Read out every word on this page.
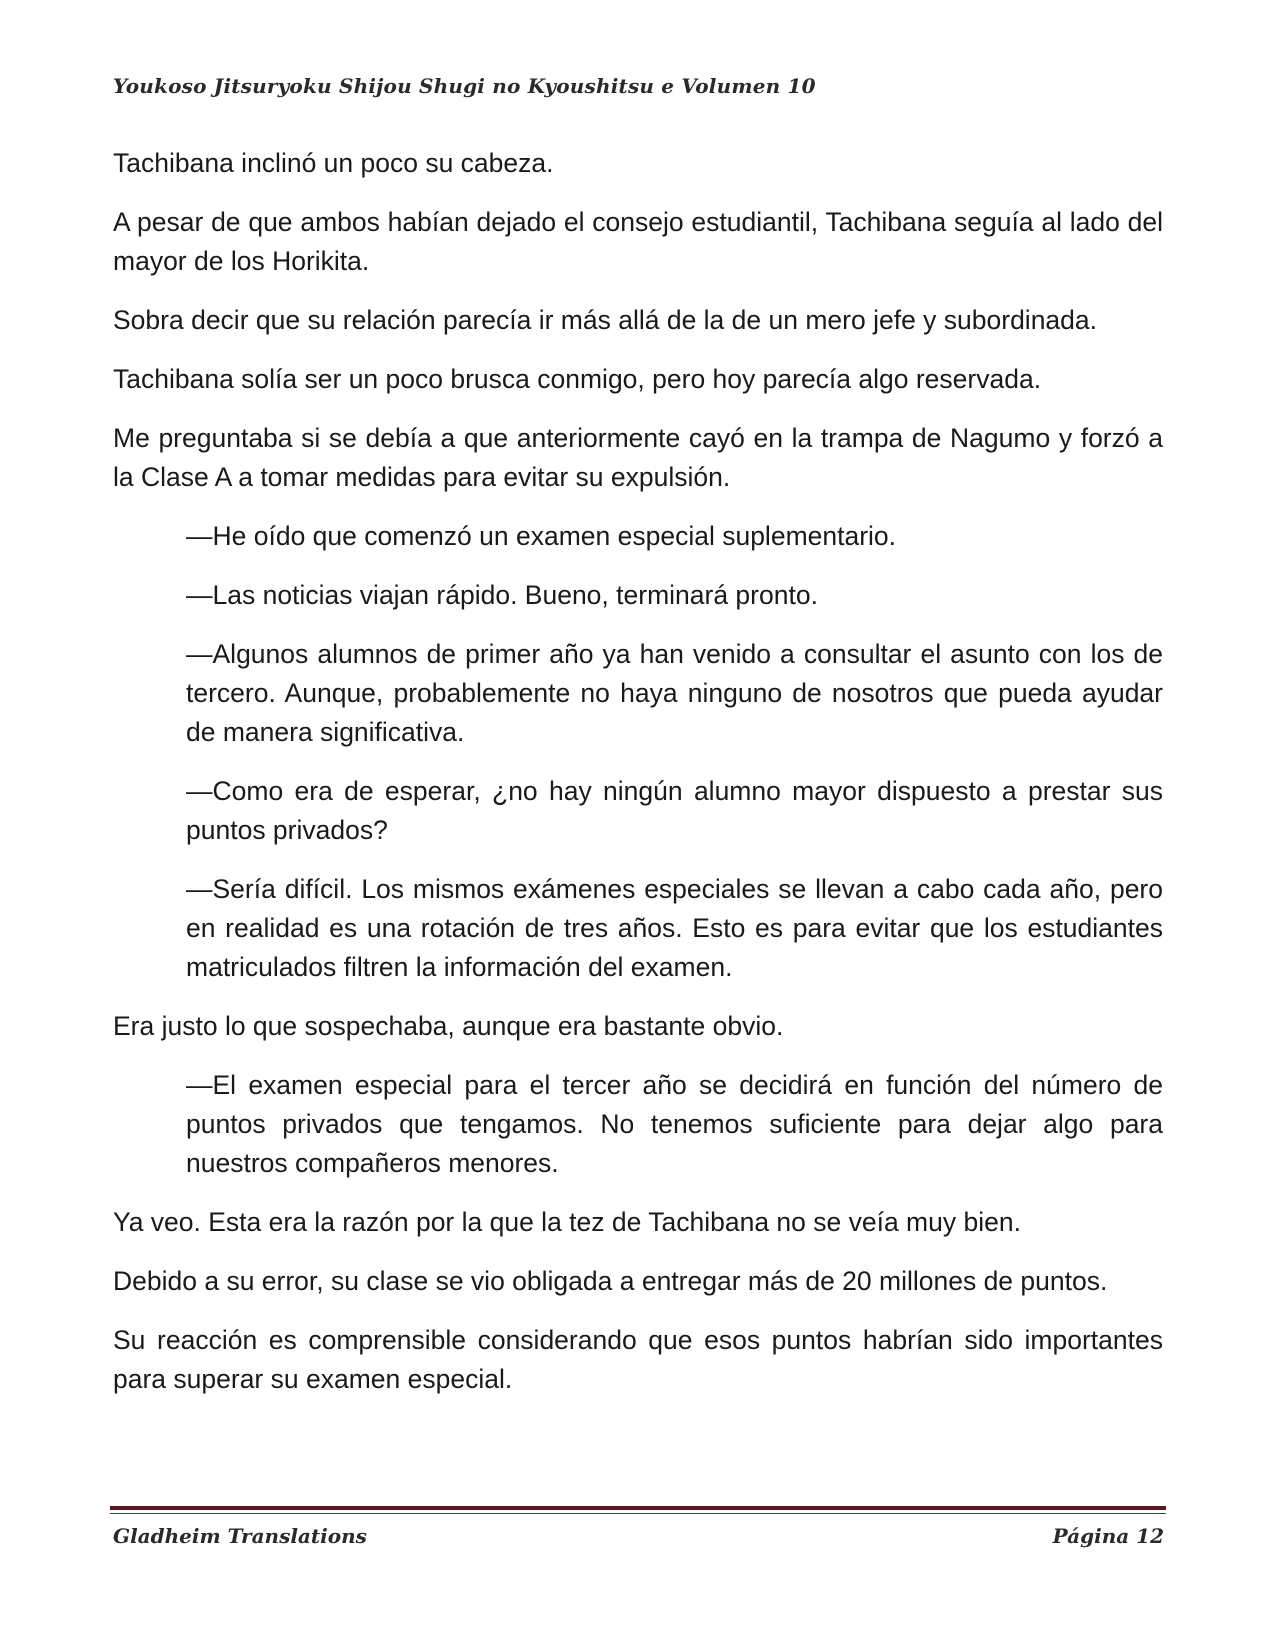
Youkoso Jitsuryoku Shijou Shugi no Kyoushitsu e Volumen 10

Tachibana inclinó un poco su cabeza.

A pesar de que ambos habían dejado el consejo estudiantil, Tachibana seguía al lado del mayor de los Horikita.

Sobra decir que su relación parecía ir más allá de la de un mero jefe y subordinada.

Tachibana solía ser un poco brusca conmigo, pero hoy parecía algo reservada.

Me preguntaba si se debía a que anteriormente cayó en la trampa de Nagumo y forzó a la Clase A a tomar medidas para evitar su expulsión.

—He oído que comenzó un examen especial suplementario.

—Las noticias viajan rápido. Bueno, terminará pronto.

—Algunos alumnos de primer año ya han venido a consultar el asunto con los de tercero. Aunque, probablemente no haya ninguno de nosotros que pueda ayudar de manera significativa.

—Como era de esperar, ¿no hay ningún alumno mayor dispuesto a prestar sus puntos privados?

—Sería difícil. Los mismos exámenes especiales se llevan a cabo cada año, pero en realidad es una rotación de tres años. Esto es para evitar que los estudiantes matriculados filtren la información del examen.

Era justo lo que sospechaba, aunque era bastante obvio.

—El examen especial para el tercer año se decidirá en función del número de puntos privados que tengamos. No tenemos suficiente para dejar algo para nuestros compañeros menores.

Ya veo. Esta era la razón por la que la tez de Tachibana no se veía muy bien.

Debido a su error, su clase se vio obligada a entregar más de 20 millones de puntos.

Su reacción es comprensible considerando que esos puntos habrían sido importantes para superar su examen especial.

Gladheim Translations	Página 12
